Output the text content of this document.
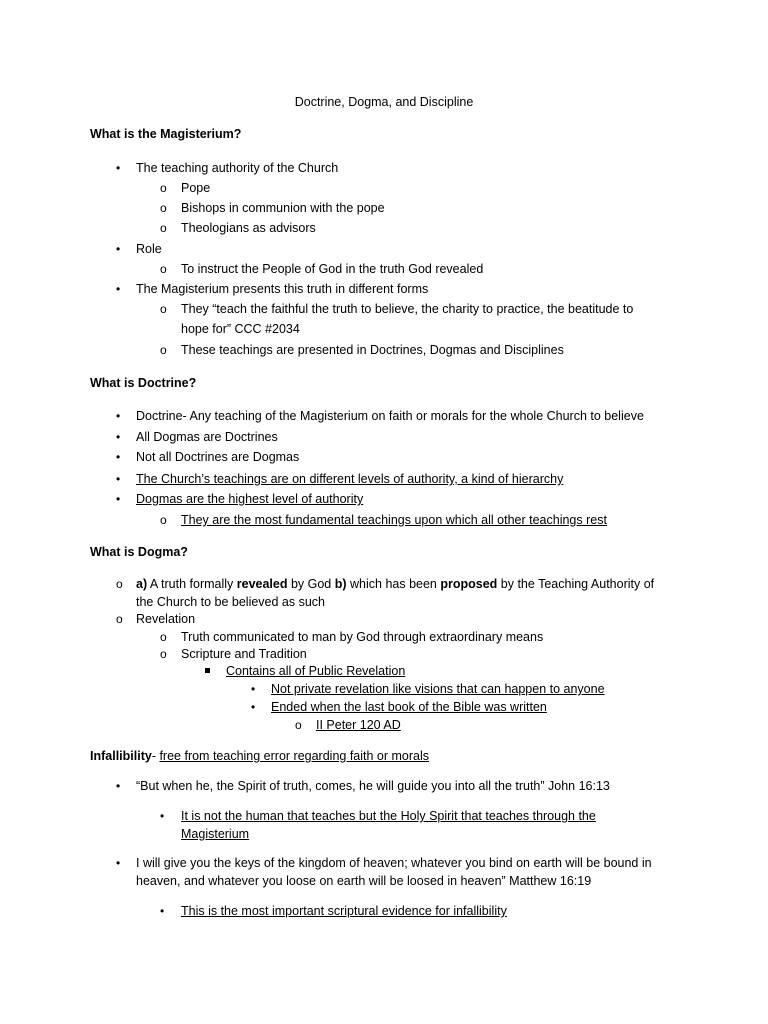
Doctrine, Dogma, and Discipline
What is the Magisterium?
• The teaching authority of the Church
o Pope
o Bishops in communion with the pope
o Theologians as advisors
• Role
o To instruct the People of God in the truth God revealed
• The Magisterium presents this truth in different forms
o They “teach the faithful the truth to believe, the charity to practice, the beatitude to
hope for” CCC #2034
o These teachings are presented in Doctrines, Dogmas and Disciplines
What is Doctrine?
• Doctrine- Any teaching of the Magisterium on faith or morals for the whole Church to believe
• All Dogmas are Doctrines
• Not all Doctrines are Dogmas
• The Church’s teachings are on different levels of authority, a kind of hierarchy
• Dogmas are the highest level of authority
o They are the most fundamental teachings upon which all other teachings rest
What is Dogma?
o a) A truth formally revealed by God b) which has been proposed by the Teaching Authority of
the Church to be believed as such
o Revelation
o Truth communicated to man by God through extraordinary means
o Scripture and Tradition
Contains all of Public Revelation
• Not private revelation like visions that can happen to anyone
• Ended when the last book of the Bible was written
o II Peter 120 AD
Infallibility- free from teaching error regarding faith or morals
• “But when he, the Spirit of truth, comes, he will guide you into all the truth” John 16:13
• It is not the human that teaches but the Holy Spirit that teaches through the
Magisterium
• I will give you the keys of the kingdom of heaven; whatever you bind on earth will be bound in
heaven, and whatever you loose on earth will be loosed in heaven” Matthew 16:19
• This is the most important scriptural evidence for infallibility
